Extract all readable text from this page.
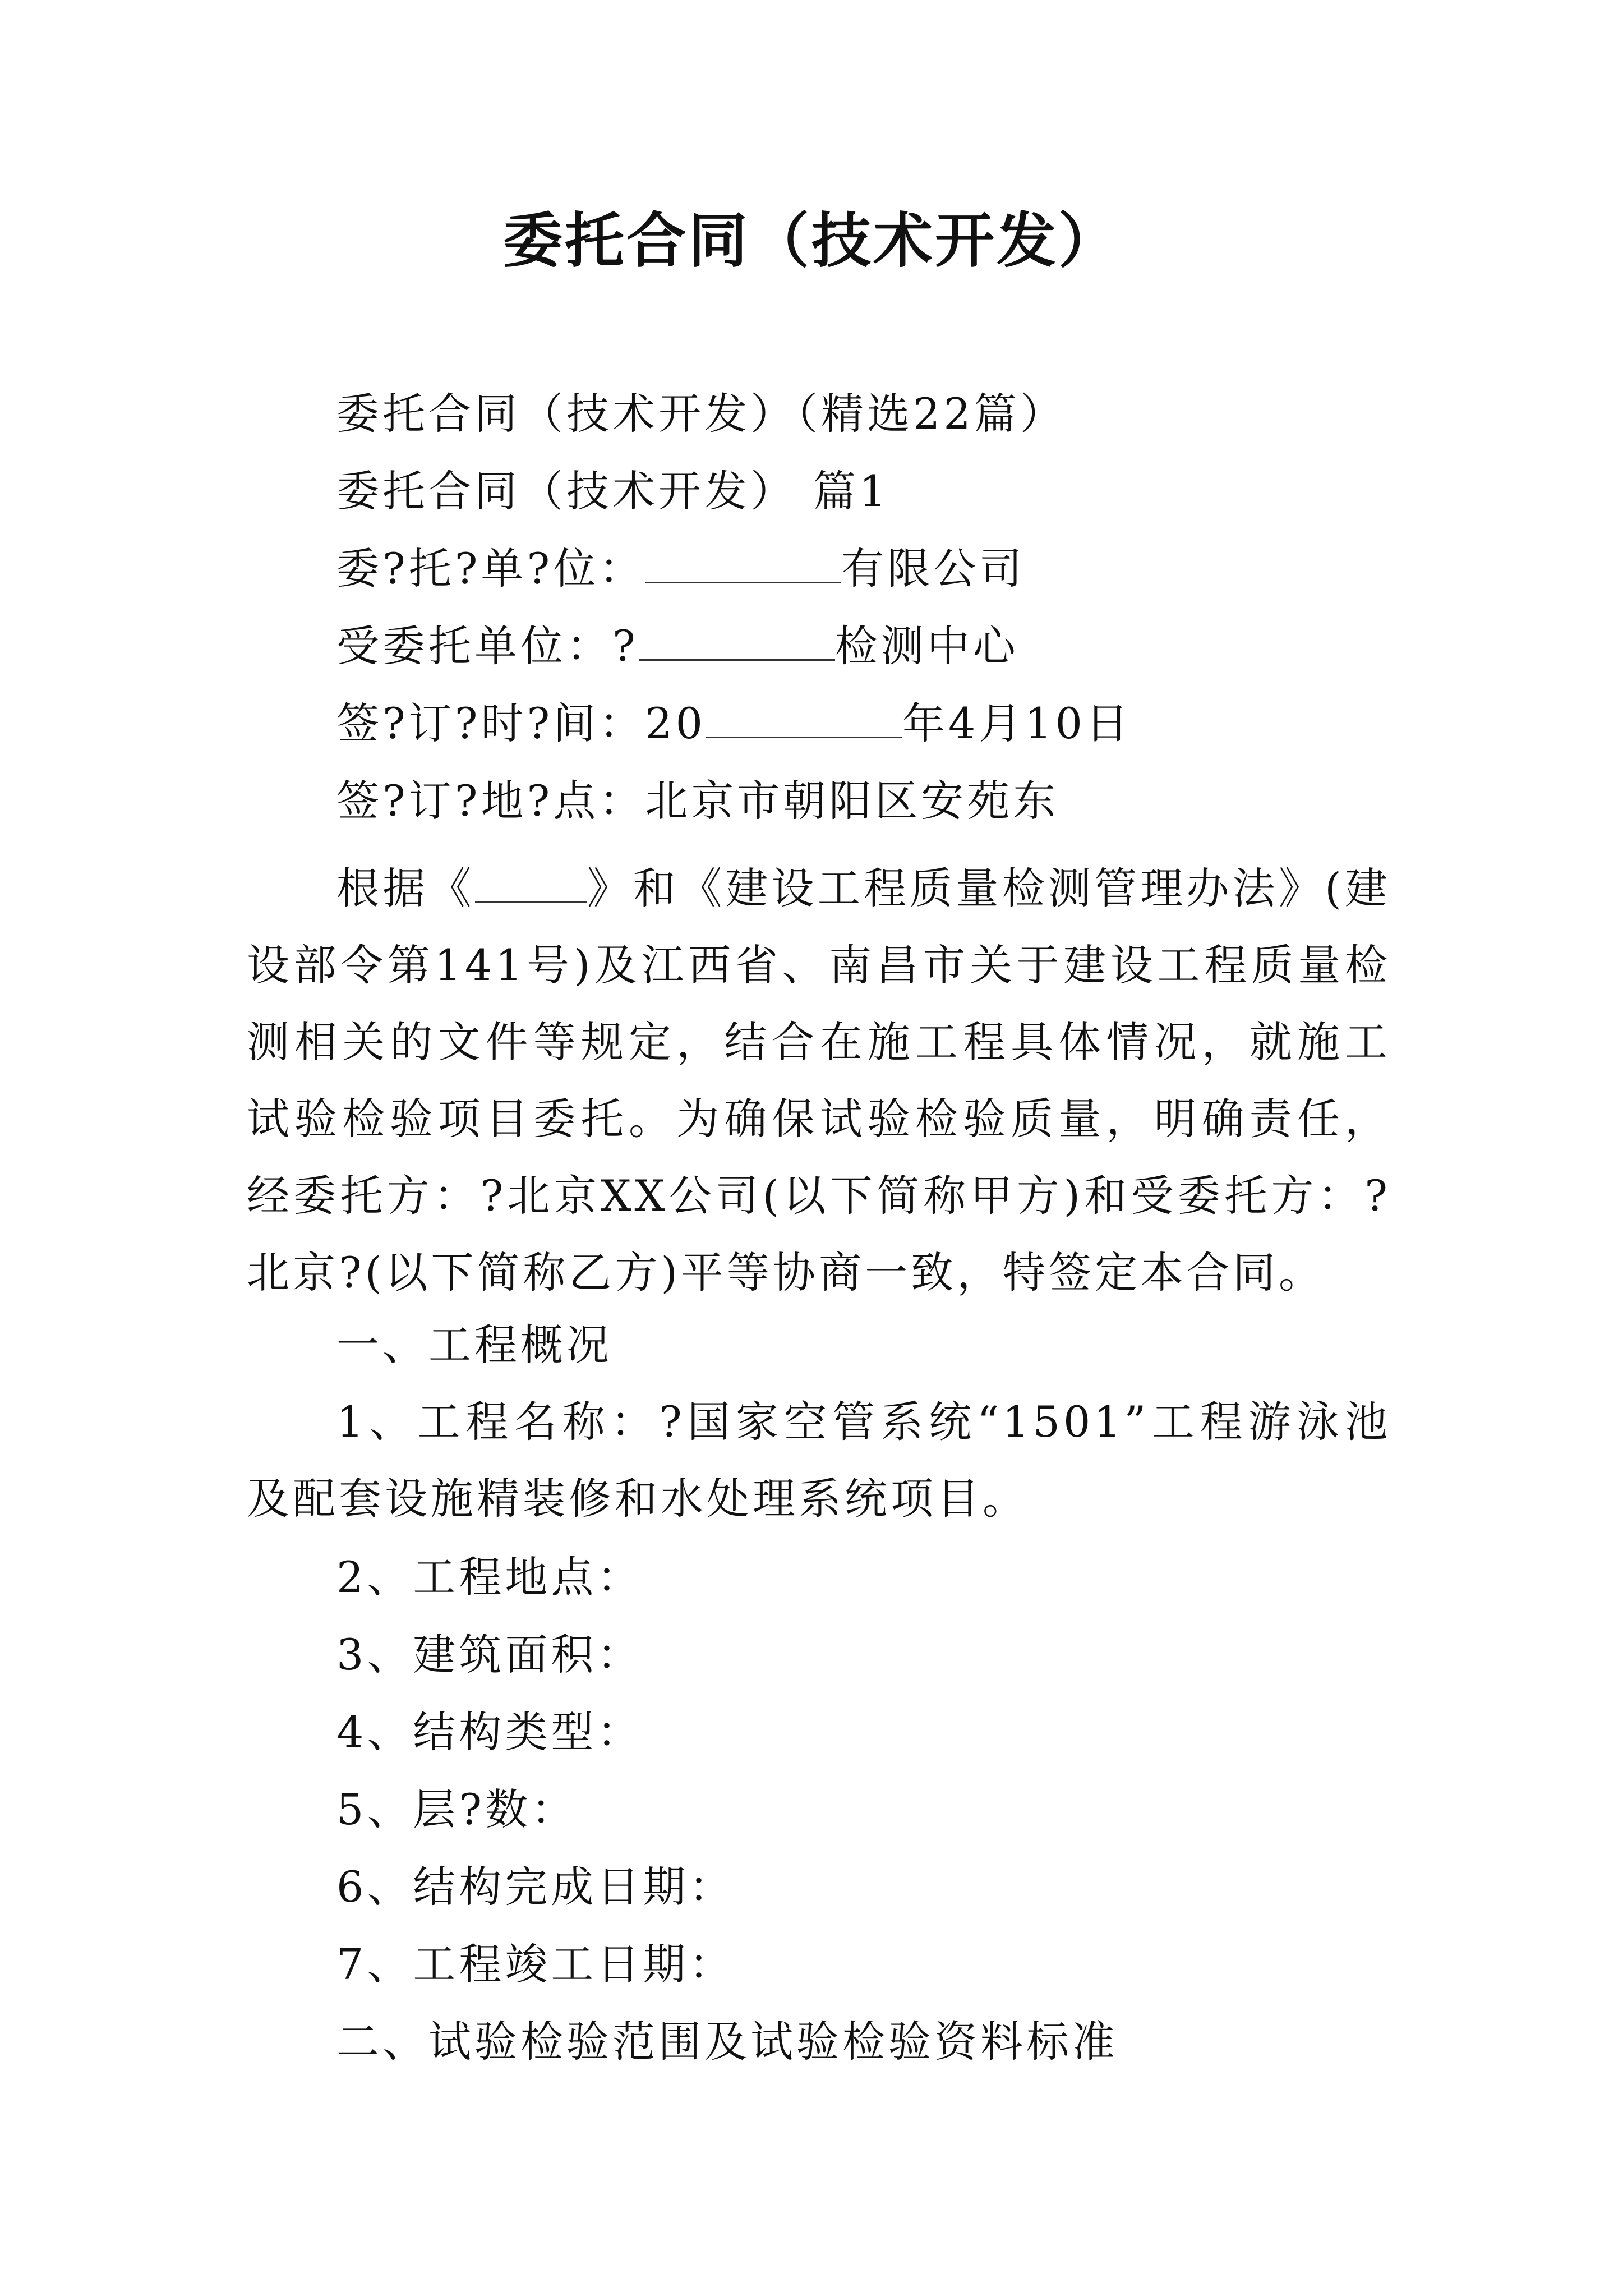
委托合同（技术开发）
委托合同（技术开发）（精选22篇）
委托合同（技术开发） 篇1
委?托?单?位：	有限公司
受委托单位：?	检测中心
签?订?时?间：20	年4月10日
签?订?地?点：北京市朝阳区安苑东

根据《	》和《建设工程质量检测管理办法》(建设部令第141号)及江西省、南昌市关于建设工程质量检测相关的文件等规定，结合在施工程具体情况，就施工试验检验项目委托。为确保试验检验质量，明确责任，经委托方：?北京XX公司(以下简称甲方)和受委托方：?北京?(以下简称乙方)平等协商一致，特签定本合同。

一、工程概况

1、工程名称：?国家空管系统“1501”工程游泳池及配套设施精装修和水处理系统项目。

2、工程地点：
3、建筑面积：
4、结构类型：
5、层?数：
6、结构完成日期：
7、工程竣工日期：
二、试验检验范围及试验检验资料标准
